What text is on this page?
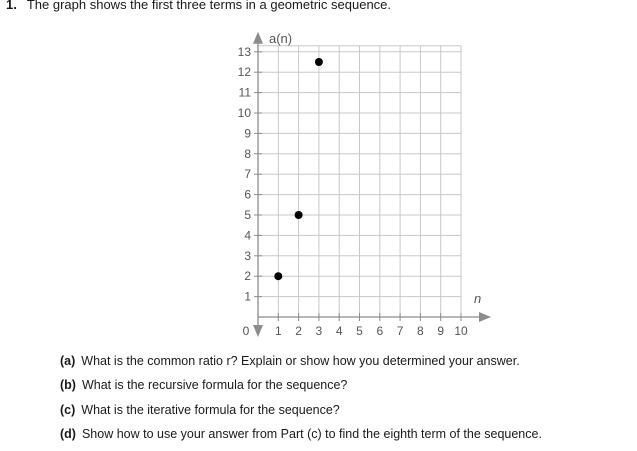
1. The graph shows the first three terms in a geometric sequence.
1 2 3 4 5 6 7 8 9 10
1
2
3
4
5
6
7
8
9
10
11
12
13
0
a(n)
n
(a) What is the common ratio r? Explain or show how you determined your answer.
(b) What is the recursive formula for the sequence?
(c) What is the iterative formula for the sequence?
(d) Show how to use your answer from Part (c) to find the eighth term of the sequence.
